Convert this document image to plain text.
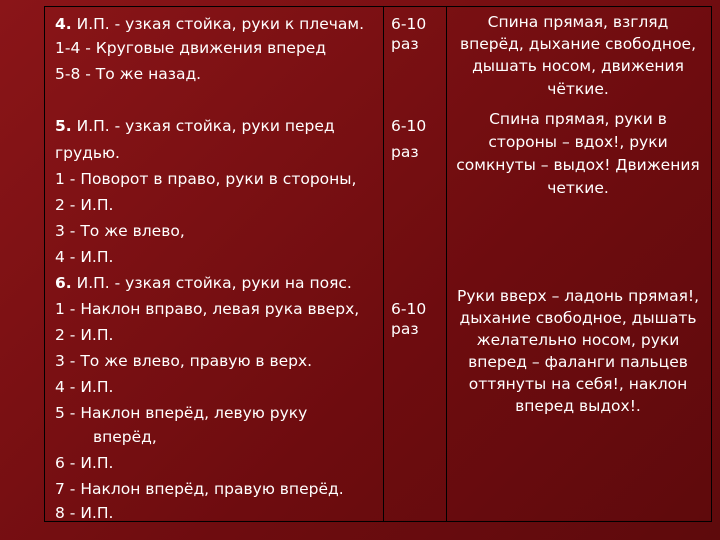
4. И.П. - узкая стойка, руки к плечам.
1-4 - Круговые движения вперед
5-8 - То же назад.
5. И.П. - узкая стойка, руки перед
грудью.
1 - Поворот в право, руки в стороны,
2 - И.П.
3 - То же влево,
4 - И.П.
6. И.П. - узкая стойка, руки на пояс.
1 - Наклон вправо, левая рука вверх,
2 - И.П.
3 - То же влево, правую в верх.
4 - И.П.
5 - Наклон вперёд, левую руку
вперёд,
6 - И.П.
7 - Наклон вперёд, правую вперёд.
8 - И.П.
6-10
раз
6-10
раз
6-10
раз
Спина прямая, взгляд
вперёд, дыхание свободное,
дышать носом, движения
чёткие.
Спина прямая, руки в
стороны – вдох!, руки
сомкнуты – выдох! Движения
четкие.
Руки вверх – ладонь прямая!,
дыхание свободное, дышать
желательно носом, руки
вперед – фаланги пальцев
оттянуты на себя!, наклон
вперед выдох!.
